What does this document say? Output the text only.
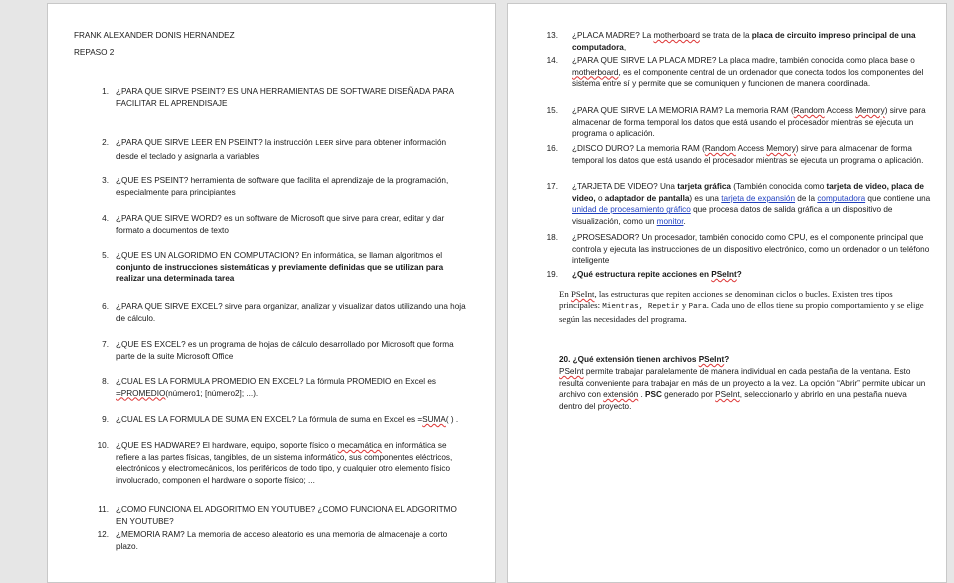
FRANK ALEXANDER DONIS HERNANDEZ
REPASO 2
1. ¿PARA QUE SIRVE PSEINT? ES UNA HERRAMIENTAS DE SOFTWARE DISEÑADA PARA FACILITAR EL APRENDISAJE
2. ¿PARA QUE SIRVE LEER EN PSEINT? la instrucción LEER sirve para obtener información desde el teclado y asignarla a variables
3. ¿QUE ES PSEINT? herramienta de software que facilita el aprendizaje de la programación, especialmente para principiantes
4. ¿PARA QUE SIRVE WORD? es un software de Microsoft que sirve para crear, editar y dar formato a documentos de texto
5. ¿QUE ES UN ALGORIDMO EN COMPUTACION? En informática, se llaman algoritmos el conjunto de instrucciones sistemáticas y previamente definidas que se utilizan para realizar una determinada tarea
6. ¿PARA QUE SIRVE EXCEL? sirve para organizar, analizar y visualizar datos utilizando una hoja de cálculo.
7. ¿QUE ES EXCEL? es un programa de hojas de cálculo desarrollado por Microsoft que forma parte de la suite Microsoft Office
8. ¿CUAL ES LA FORMULA PROMEDIO EN EXCEL? La fórmula PROMEDIO en Excel es =PROMEDIO(número1; [número2]; ...).
9. ¿CUAL ES LA FORMULA DE SUMA EN EXCEL? La fórmula de suma en Excel es =SUMA( ) .
10. ¿QUE ES HADWARE? El hardware, equipo, soporte físico o mecamática en informática se refiere a las partes físicas, tangibles, de un sistema informático, sus componentes eléctricos, electrónicos y electromecánicos, los periféricos de todo tipo, y cualquier otro elemento físico involucrado, componen el hardware o soporte físico; ...
11. ¿COMO FUNCIONA EL ADGORITMO EN YOUTUBE? ¿COMO FUNCIONA EL ADGORITMO EN YOUTUBE?
12. ¿MEMORIA RAM? La memoria de acceso aleatorio es una memoria de almacenaje a corto plazo.
13. ¿PLACA MADRE? La motherboard se trata de la placa de circuito impreso principal de una computadora,
14. ¿PARA QUE SIRVE LA PLACA MDRE? La placa madre, también conocida como placa base o motherboard, es el componente central de un ordenador que conecta todos los componentes del sistema entre sí y permite que se comuniquen y funcionen de manera coordinada.
15. ¿PARA QUE SIRVE LA MEMORIA RAM? La memoria RAM (Random Access Memory) sirve para almacenar de forma temporal los datos que está usando el procesador mientras se ejecuta un programa o aplicación.
16. ¿DISCO DURO? La memoria RAM (Random Access Memory) sirve para almacenar de forma temporal los datos que está usando el procesador mientras se ejecuta un programa o aplicación.
17. ¿TARJETA DE VIDEO? Una tarjeta gráfica (También conocida como tarjeta de video, placa de video, o adaptador de pantalla) es una tarjeta de expansión de la computadora que contiene una unidad de procesamiento gráfico que procesa datos de salida gráfica a un dispositivo de visualización, como un monitor.
18. ¿PROSESADOR? Un procesador, también conocido como CPU, es el componente principal que controla y ejecuta las instrucciones de un dispositivo electrónico, como un ordenador o un teléfono inteligente
19. ¿Qué estructura repite acciones en PSeInt?
En PSeInt, las estructuras que repiten acciones se denominan ciclos o bucles. Existen tres tipos principales: Mientras, Repetir y Para. Cada uno de ellos tiene su propio comportamiento y se elige según las necesidades del programa.
20. ¿Qué extensión tienen archivos PSeInt?
PSeInt permite trabajar paralelamente de manera individual en cada pestaña de la ventana. Esto resulta conveniente para trabajar en más de un proyecto a la vez. La opción “Abrir” permite ubicar un archivo con extensión . PSC generado por PSeInt, seleccionarlo y abrirlo en una pestaña nueva dentro del proyecto.
